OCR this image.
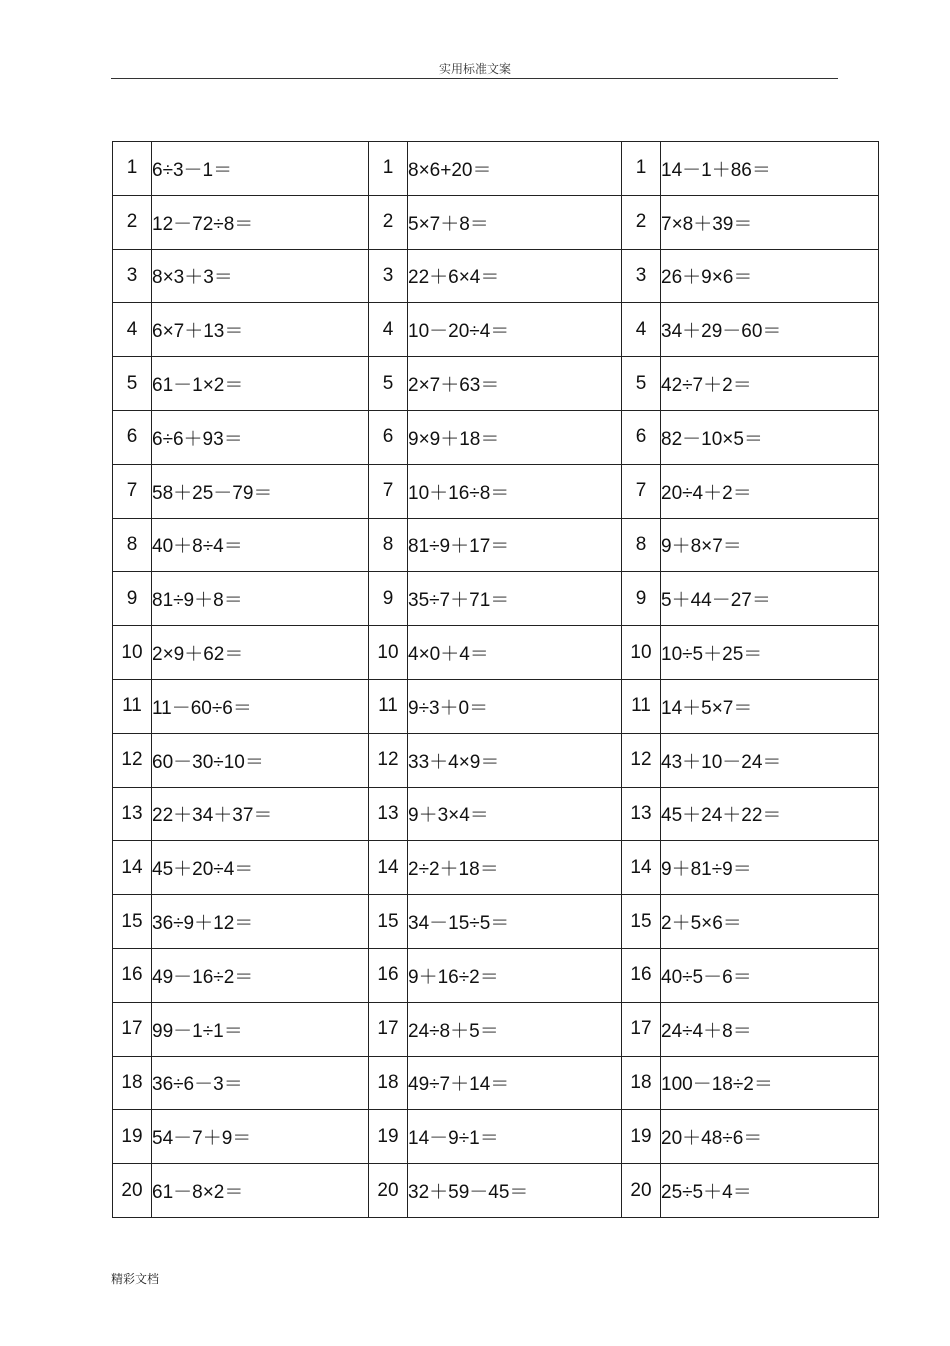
实用标准文案
1	6÷3－1＝	1	8×6+20＝	1	14－1＋86＝
2	12－72÷8＝	2	5×7＋8＝	2	7×8＋39＝
3	8×3＋3＝	3	22＋6×4＝	3	26＋9×6＝
4	6×7＋13＝	4	10－20÷4＝	4	34＋29－60＝
5	61－1×2＝	5	2×7＋63＝	5	42÷7＋2＝
6	6÷6＋93＝	6	9×9＋18＝	6	82－10×5＝
7	58＋25－79＝	7	10＋16÷8＝	7	20÷4＋2＝
8	40＋8÷4＝	8	81÷9＋17＝	8	9＋8×7＝
9	81÷9＋8＝	9	35÷7＋71＝	9	5＋44－27＝
10	2×9＋62＝	10	4×0＋4＝	10	10÷5＋25＝
11	11－60÷6＝	11	9÷3＋0＝	11	14＋5×7＝
12	60－30÷10＝	12	33＋4×9＝	12	43＋10－24＝
13	22＋34＋37＝	13	9＋3×4＝	13	45＋24＋22＝
14	45＋20÷4＝	14	2÷2＋18＝	14	9＋81÷9＝
15	36÷9＋12＝	15	34－15÷5＝	15	2＋5×6＝
16	49－16÷2＝	16	9＋16÷2＝	16	40÷5－6＝
17	99－1÷1＝	17	24÷8＋5＝	17	24÷4＋8＝
18	36÷6－3＝	18	49÷7＋14＝	18	100－18÷2＝
19	54－7＋9＝	19	14－9÷1＝	19	20＋48÷6＝
20	61－8×2＝	20	32＋59－45＝	20	25÷5＋4＝
精彩文档
